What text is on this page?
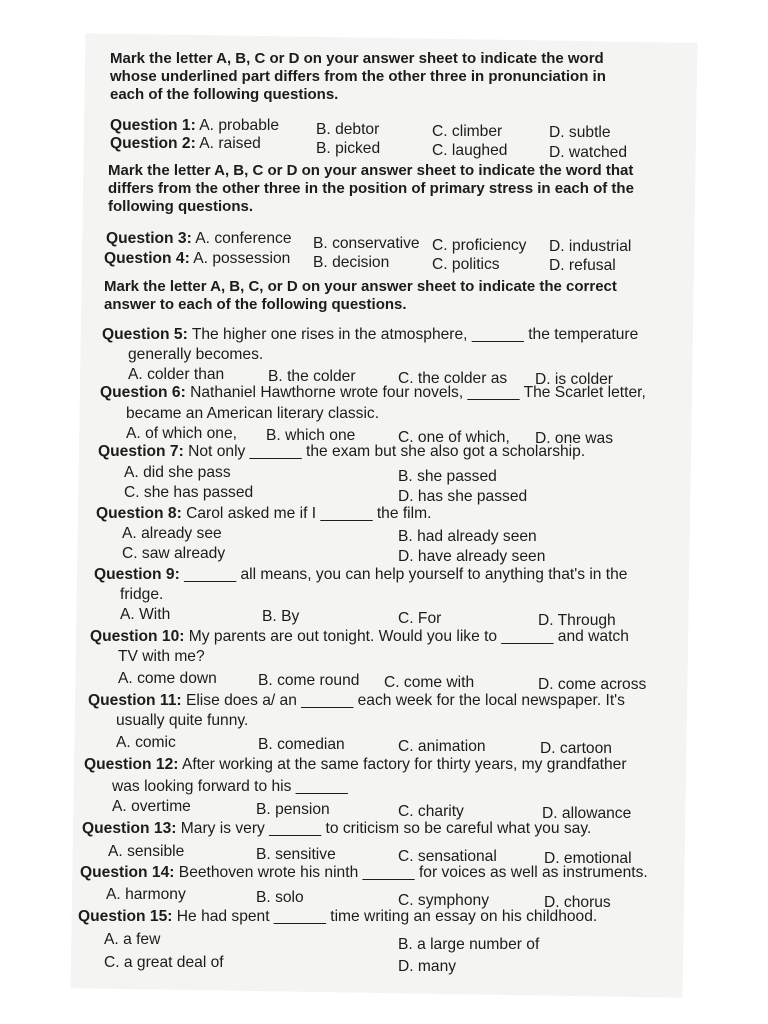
Mark the letter A, B, C or D on your answer sheet to indicate the word
whose underlined part differs from the other three in pronunciation in
each of the following questions.
Question 1: A. probable B. debtor	C. climber	D. subtle
Question 2: A. raised	B. picked	C. laughed	D. watched
Mark the letter A, B, C or D on your answer sheet to indicate the word that
differs from the other three in the position of primary stress in each of the
following questions.
Question 3: A. conference B. conservative C. proficiency D. industrial
Question 4: A. possession B. decision	C. politics	D. refusal
Mark the letter A, B, C, or D on your answer sheet to indicate the correct
answer to each of the following questions.
Question 5: The higher one rises in the atmosphere, ______ the temperature
generally becomes.
A. colder than	B. the colder	C. the colder as D. is colder
Question 6: Nathaniel Hawthorne wrote four novels, ______ The Scarlet letter,
became an American literary classic.
A. of which one, B. which one	C. one of which, D. one was
Question 7: Not only ______ the exam but she also got a scholarship.
A. did she pass	B. she passed
C. she has passed	D. has she passed
Question 8: Carol asked me if I ______ the film.
A. already see	B. had already seen
C. saw already	D. have already seen
Question 9: ______ all means, you can help yourself to anything that's in the
fridge.
A. With	B. By	C. For	D. Through
Question 10: My parents are out tonight. Would you like to ______ and watch
TV with me?
A. come down	B. come round C. come with	D. come across
Question 11: Elise does a/ an ______ each week for the local newspaper. It's
usually quite funny.
A. comic	B. comedian	C. animation	D. cartoon
Question 12: After working at the same factory for thirty years, my grandfather
was looking forward to his ______
A. overtime	B. pension	C. charity	D. allowance
Question 13: Mary is very ______ to criticism so be careful what you say.
A. sensible	B. sensitive	C. sensational	D. emotional
Question 14: Beethoven wrote his ninth ______ for voices as well as instruments.
A. harmony	B. solo	C. symphony	D. chorus
Question 15: He had spent ______ time writing an essay on his childhood.
A. a few	B. a large number of
C. a great deal of	D. many
